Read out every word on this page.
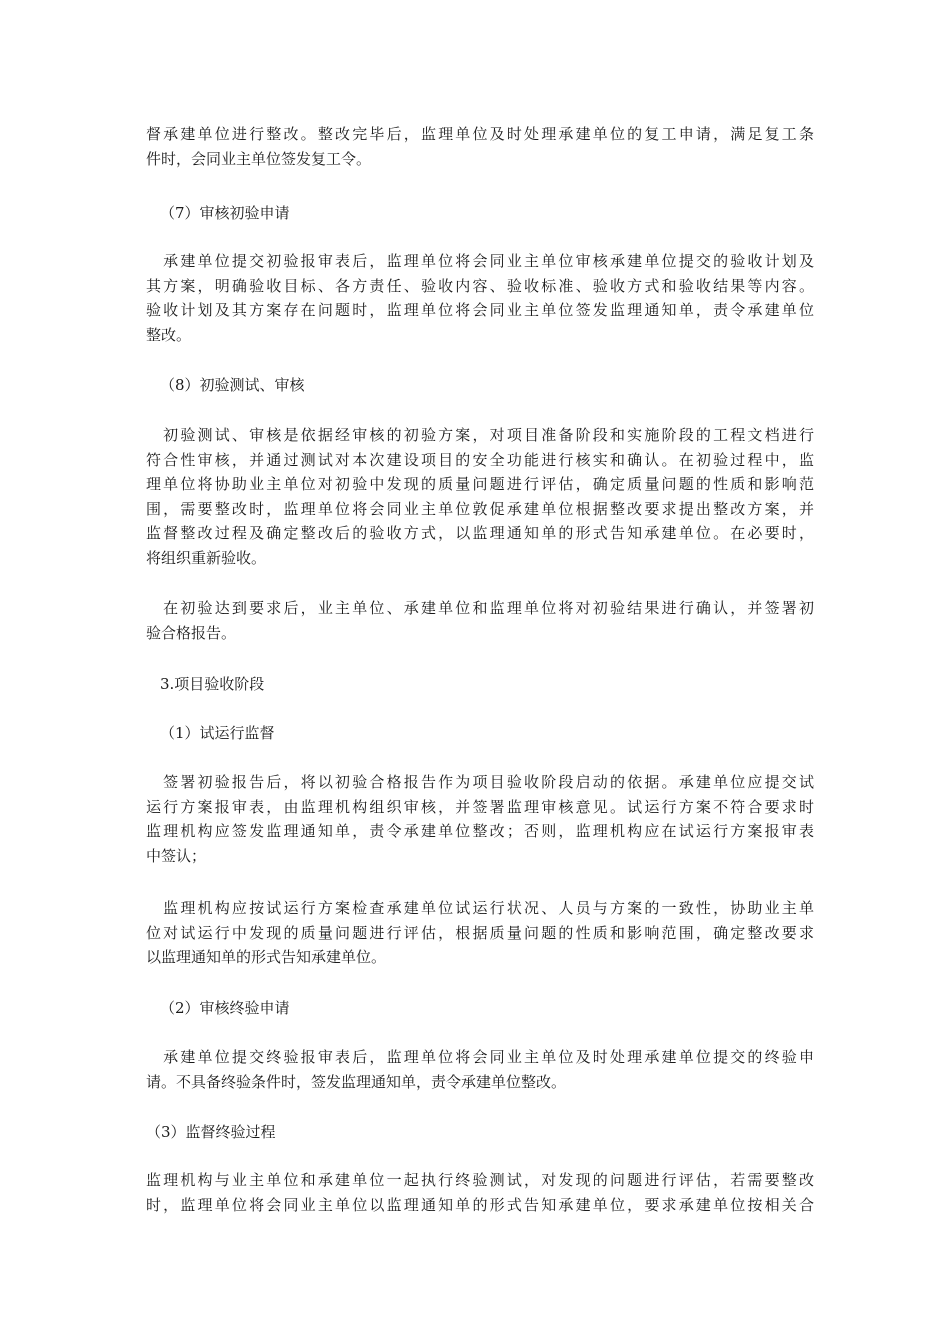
督承建单位进行整改。整改完毕后，监理单位及时处理承建单位的复工申请，满足复工条
件时，会同业主单位签发复工令。
（7）审核初验申请
　承建单位提交初验报审表后，监理单位将会同业主单位审核承建单位提交的验收计划及
其方案，明确验收目标、各方责任、验收内容、验收标准、验收方式和验收结果等内容。
验收计划及其方案存在问题时，监理单位将会同业主单位签发监理通知单，责令承建单位
整改。
（8）初验测试、审核
　初验测试、审核是依据经审核的初验方案，对项目准备阶段和实施阶段的工程文档进行
符合性审核，并通过测试对本次建设项目的安全功能进行核实和确认。在初验过程中，监
理单位将协助业主单位对初验中发现的质量问题进行评估，确定质量问题的性质和影响范
围，需要整改时，监理单位将会同业主单位敦促承建单位根据整改要求提出整改方案，并
监督整改过程及确定整改后的验收方式，以监理通知单的形式告知承建单位。在必要时，
将组织重新验收。
　在初验达到要求后，业主单位、承建单位和监理单位将对初验结果进行确认，并签署初
验合格报告。
3.项目验收阶段
（1）试运行监督
　签署初验报告后，将以初验合格报告作为项目验收阶段启动的依据。承建单位应提交试
运行方案报审表，由监理机构组织审核，并签署监理审核意见。试运行方案不符合要求时
监理机构应签发监理通知单，责令承建单位整改；否则，监理机构应在试运行方案报审表
中签认；
　监理机构应按试运行方案检查承建单位试运行状况、人员与方案的一致性，协助业主单
位对试运行中发现的质量问题进行评估，根据质量问题的性质和影响范围，确定整改要求
以监理通知单的形式告知承建单位。
（2）审核终验申请
　承建单位提交终验报审表后，监理单位将会同业主单位及时处理承建单位提交的终验申
请。不具备终验条件时，签发监理通知单，责令承建单位整改。
（3）监督终验过程
监理机构与业主单位和承建单位一起执行终验测试，对发现的问题进行评估，若需要整改
时，监理单位将会同业主单位以监理通知单的形式告知承建单位，要求承建单位按相关合
